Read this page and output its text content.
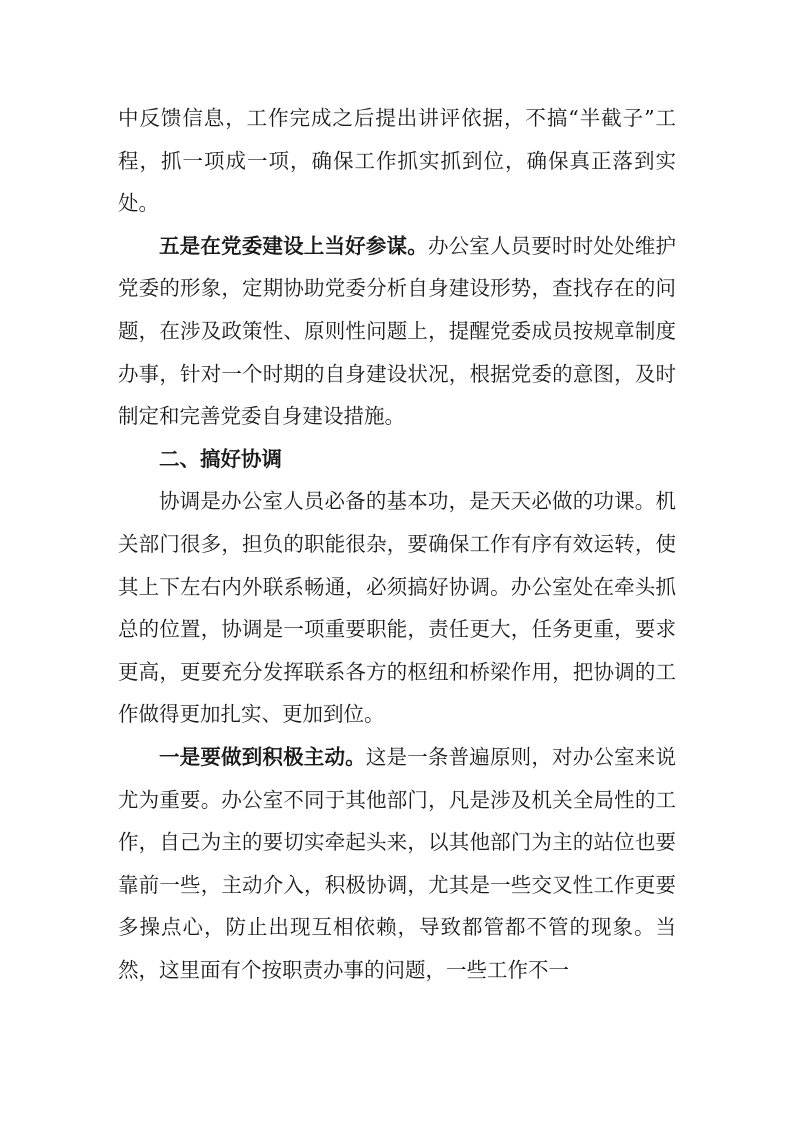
中反馈信息，工作完成之后提出讲评依据，不搞“半截子”工程，抓一项成一项，确保工作抓实抓到位，确保真正落到实处。

五是在党委建设上当好参谋。办公室人员要时时处处维护党委的形象，定期协助党委分析自身建设形势，查找存在的问题，在涉及政策性、原则性问题上，提醒党委成员按规章制度办事，针对一个时期的自身建设状况，根据党委的意图，及时制定和完善党委自身建设措施。

二、搞好协调

协调是办公室人员必备的基本功，是天天必做的功课。机关部门很多，担负的职能很杂，要确保工作有序有效运转，使其上下左右内外联系畅通，必须搞好协调。办公室处在牵头抓总的位置，协调是一项重要职能，责任更大，任务更重，要求更高，更要充分发挥联系各方的枢纽和桥梁作用，把协调的工作做得更加扎实、更加到位。

一是要做到积极主动。这是一条普遍原则，对办公室来说尤为重要。办公室不同于其他部门，凡是涉及机关全局性的工作，自己为主的要切实牵起头来，以其他部门为主的站位也要靠前一些，主动介入，积极协调，尤其是一些交叉性工作更要多操点心，防止出现互相依赖，导致都管都不管的现象。当然，这里面有个按职责办事的问题，一些工作不一
